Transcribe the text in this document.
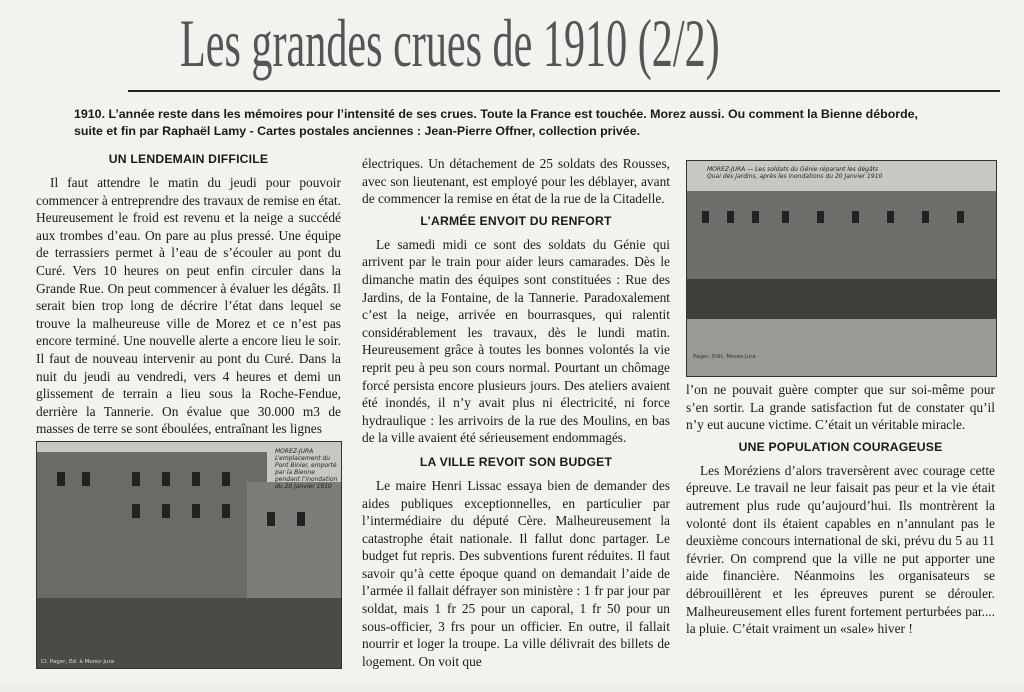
Les grandes crues de 1910 (2/2)

1910. L’année reste dans les mémoires pour l’intensité de ses crues. Toute la France est touchée. Morez aussi. Ou comment la Bienne déborde, suite et fin par Raphaël Lamy - Cartes postales anciennes : Jean-Pierre Offner, collection privée.

UN LENDEMAIN DIFFICILE

Il faut attendre le matin du jeudi pour pouvoir commencer à entreprendre des travaux de remise en état. Heureusement le froid est revenu et la neige a succédé aux trombes d’eau. On pare au plus pressé. Une équipe de terrassiers permet à l’eau de s’écouler au pont du Curé. Vers 10 heures on peut enfin circuler dans la Grande Rue. On peut commencer à évaluer les dégâts. Il serait bien trop long de décrire l’état dans lequel se trouve la malheureuse ville de Morez et ce n’est pas encore terminé. Une nouvelle alerte a encore lieu le soir. Il faut de nouveau intervenir au pont du Curé. Dans la nuit du jeudi au vendredi, vers 4 heures et demi un glissement de terrain a lieu sous la Roche-Fendue, derrière la Tannerie. On évalue que 30.000 m3 de masses de terre se sont éboulées, entraînant les lignes

MOREZ-JURA
L’emplacement du Pont Binier, emporté par la Bienne pendant l’inondation du 20 Janvier 1910
Cl. Pager, Ed. à Morez-Jura

électriques. Un détachement de 25 soldats des Rousses, avec son lieutenant, est employé pour les déblayer, avant de commencer la remise en état de la rue de la Citadelle.

L’ARMÉE ENVOIT DU RENFORT

Le samedi midi ce sont des soldats du Génie qui arrivent par le train pour aider leurs camarades. Dès le dimanche matin des équipes sont constituées : Rue des Jardins, de la Fontaine, de la Tannerie. Paradoxalement c’est la neige, arrivée en bourrasques, qui ralentit considérablement les travaux, dès le lundi matin. Heureusement grâce à toutes les bonnes volontés la vie reprit peu à peu son cours normal. Pourtant un chômage forcé persista encore plusieurs jours. Des ateliers avaient été inondés, il n’y avait plus ni électricité, ni force hydraulique : les arrivoirs de la rue des Moulins, en bas de la ville avaient été sérieusement endommagés.

LA VILLE REVOIT SON BUDGET

Le maire Henri Lissac essaya bien de demander des aides publiques exceptionnelles, en particulier par l’intermédiaire du député Cère. Malheureusement la catastrophe était nationale. Il fallut donc partager. Le budget fut repris. Des subventions furent réduites. Il faut savoir qu’à cette époque quand on demandait l’aide de l’armée il fallait défrayer son ministère : 1 fr par jour par soldat, mais 1 fr 25 pour un caporal, 1 fr 50 pour un sous-officier, 3 frs pour un officier. En outre, il fallait nourrir et loger la troupe. La ville délivrait des billets de logement. On voit que

MOREZ-JURA — Les soldats du Génie réparant les dégâts
Quai des Jardins, après les inondations du 20 Janvier 1910
Pager, Edit. Morez-Jura

l’on ne pouvait guère compter que sur soi-même pour s’en sortir. La grande satisfaction fut de constater qu’il n’y eut aucune victime. C’était un véritable miracle.

UNE POPULATION COURAGEUSE

Les Moréziens d’alors traversèrent avec courage cette épreuve. Le travail ne leur faisait pas peur et la vie était autrement plus rude qu’aujourd’hui. Ils montrèrent la volonté dont ils étaient capables en n’annulant pas le deuxième concours international de ski, prévu du 5 au 11 février. On comprend que la ville ne put apporter une aide financière. Néanmoins les organisateurs se débrouillèrent et les épreuves purent se dérouler. Malheureusement elles furent fortement perturbées par.... la pluie. C’était vraiment un «sale» hiver !
